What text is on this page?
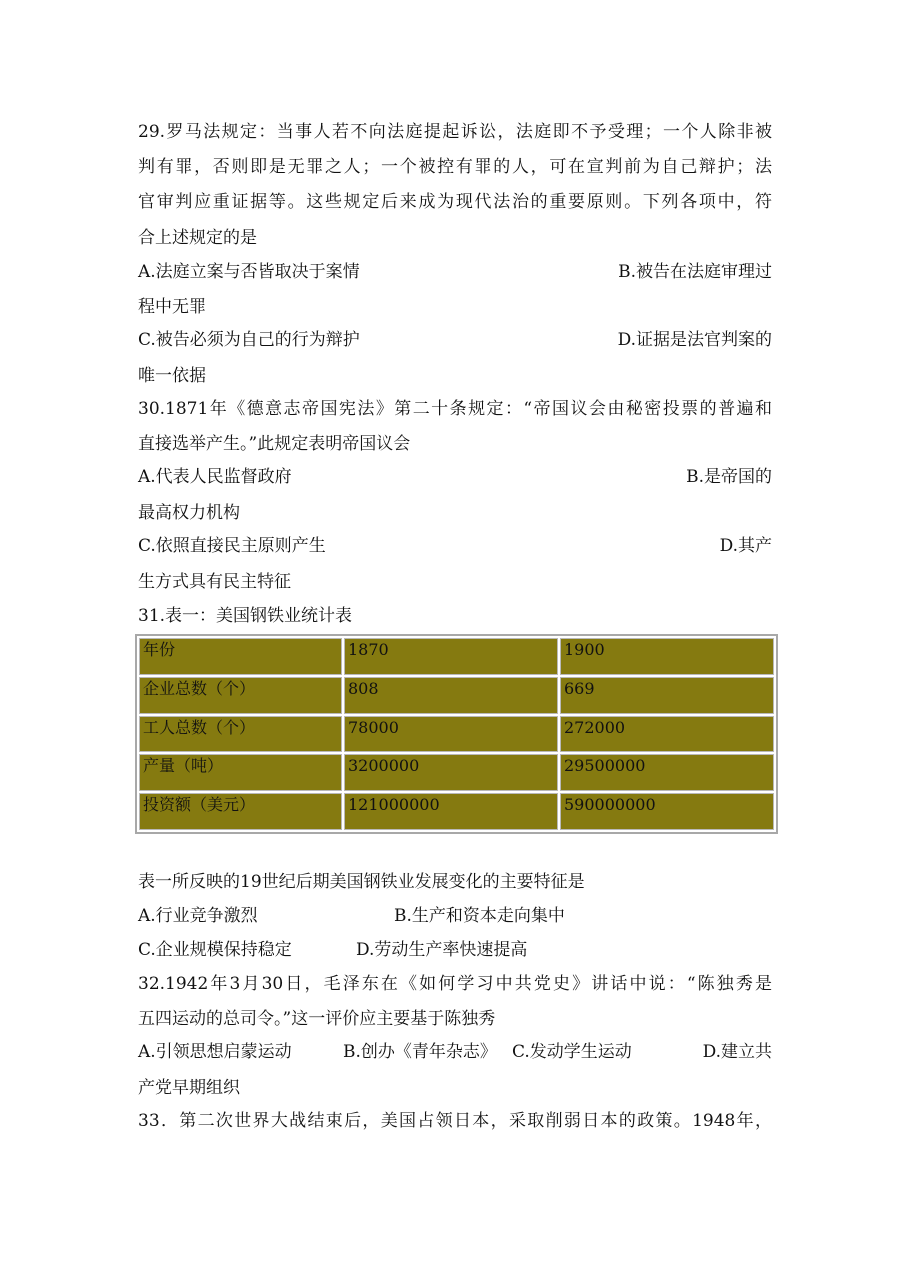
29.罗马法规定：当事人若不向法庭提起诉讼，法庭即不予受理；一个人除非被
判有罪，否则即是无罪之人；一个被控有罪的人，可在宣判前为自己辩护；法
官审判应重证据等。这些规定后来成为现代法治的重要原则。下列各项中，符
合上述规定的是
A.法庭立案与否皆取决于案情	B.被告在法庭审理过
程中无罪
C.被告必须为自己的行为辩护	D.证据是法官判案的
唯一依据
30.1871年《德意志帝国宪法》第二十条规定：“帝国议会由秘密投票的普遍和
直接选举产生。”此规定表明帝国议会
A.代表人民监督政府	B.是帝国的
最高权力机构
C.依照直接民主原则产生	D.其产
生方式具有民主特征
31.表一：美国钢铁业统计表
年份	1870	1900
企业总数（个）	808	669
工人总数（个）	78000	272000
产量（吨）	3200000	29500000
投资额（美元）	121000000	590000000
表一所反映的19世纪后期美国钢铁业发展变化的主要特征是
A.行业竞争激烈	B.生产和资本走向集中
C.企业规模保持稳定	D.劳动生产率快速提高
32.1942年3月30日，毛泽东在《如何学习中共党史》讲话中说：“陈独秀是
五四运动的总司令。”这一评价应主要基于陈独秀
A.引领思想启蒙运动	B.创办《青年杂志》 C.发动学生运动	D.建立共
产党早期组织
33．第二次世界大战结束后，美国占领日本，采取削弱日本的政策。1948年，
